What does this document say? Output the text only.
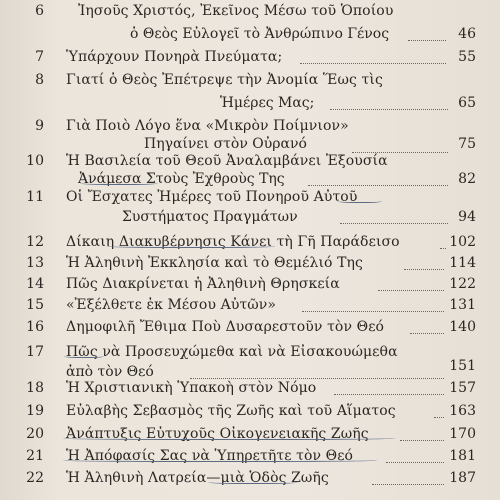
6 Ἰησοῦς Χριστός, Ἐκεῖνος Μέσω τοῦ Ὁποίου
ὁ Θεὸς Εὐλογεῖ τὸ Ἀνθρώπινο Γένος	46
7 Ὑπάρχουν Πονηρὰ Πνεύματα;	55
8 Γιατί ὁ Θεὸς Ἐπέτρεψε τὴν Ἀνομία Ἕως τὶς
Ἡμέρες Μας;	65
9 Γιὰ Ποιὸ Λόγο ἕνα «Μικρὸν Ποίμνιον»
Πηγαίνει στὸν Οὐρανό	75
10 Ἡ Βασιλεία τοῦ Θεοῦ Ἀναλαμβάνει Ἐξουσία
Ἀνάμεσα Στοὺς Ἐχθροὺς Της	82
11 Οἱ Ἔσχατες Ἡμέρες τοῦ Πονηροῦ Αὐτοῦ
Συστήματος Πραγμάτων	94
12 Δίκαιη Διακυβέρνησις Κάνει τὴ Γῆ Παράδεισο	102
13 Ἡ Ἀληθινὴ Ἐκκλησία καὶ τὸ Θεμέλιό Της	114
14 Πῶς Διακρίνεται ἡ Ἀληθινὴ Θρησκεία	122
15 «Ἐξέλθετε ἐκ Μέσου Αὐτῶν»	131
16 Δημοφιλῆ Ἔθιμα Ποὺ Δυσαρεστοῦν τὸν Θεό	140
17 Πῶς νὰ Προσευχώμεθα καὶ νὰ Εἰσακουώμεθα
ἀπὸ τὸν Θεό	151
18 Ἡ Χριστιανικὴ Ὑπακοὴ στὸν Νόμο	157
19 Εὐλαβὴς Σεβασμὸς τῆς Ζωῆς καὶ τοῦ Αἵματος	163
20 Ἀνάπτυξις Εὐτυχοῦς Οἰκογενειακῆς Ζωῆς	170
21 Ἡ Ἀπόφασίς Σας νὰ Ὑπηρετῆτε τὸν Θεό	181
22 Ἡ Ἀληθινὴ Λατρεία—μιὰ Ὁδὸς Ζωῆς	187
